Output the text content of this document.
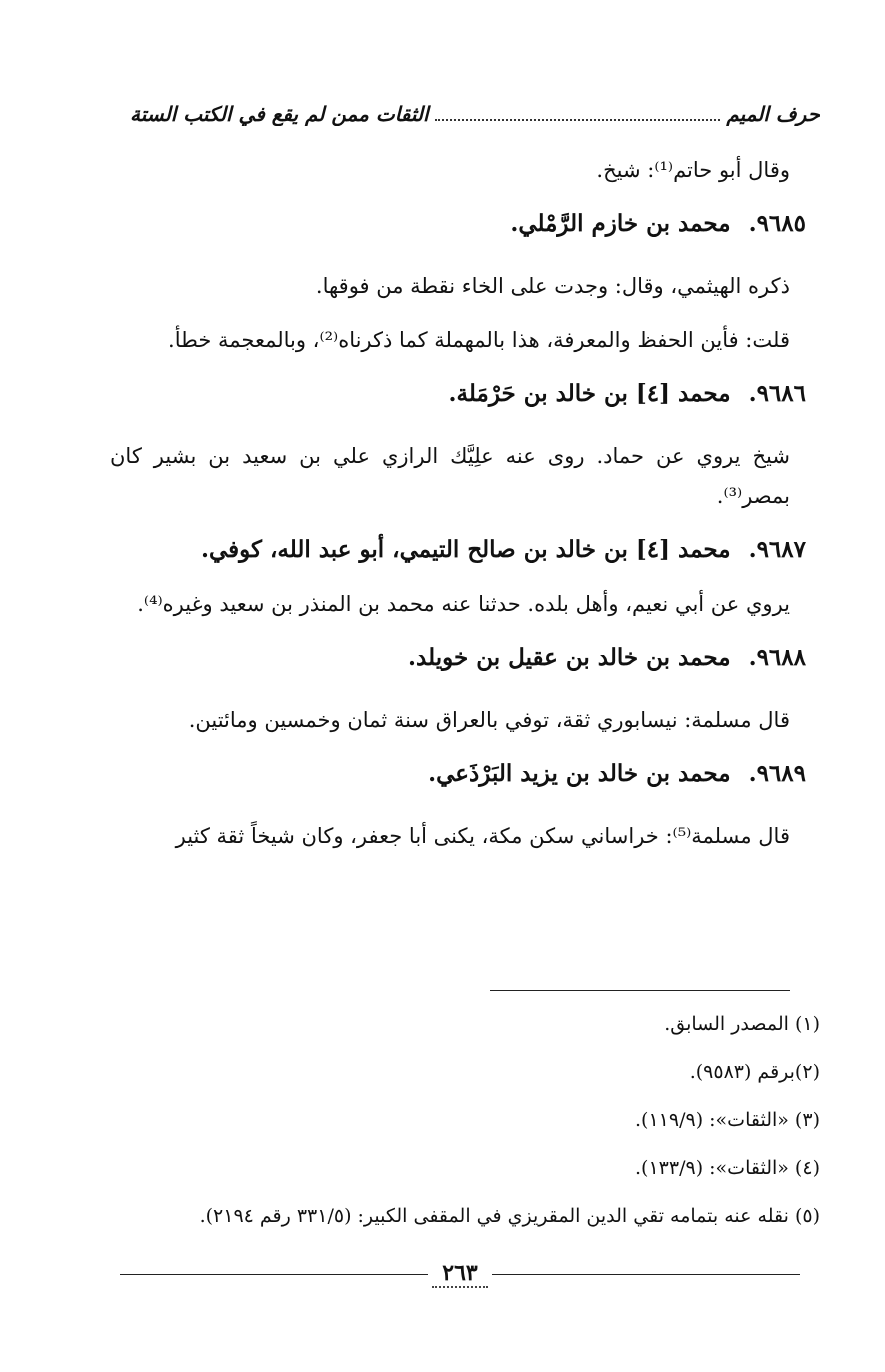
حرف الميم
الثقات ممن لم يقع في الكتب الستة

وقال أبو حاتم⁽¹⁾: شيخ.

٩٦٨٥.محمد بن خازم الرَّمْلي.

ذكره الهيثمي، وقال: وجدت على الخاء نقطة من فوقها.

قلت: فأين الحفظ والمعرفة، هذا بالمهملة كما ذكرناه⁽²⁾، وبالمعجمة خطأ.

٩٦٨٦.محمد [٤] بن خالد بن حَرْمَلة.

شيخ يروي عن حماد. روى عنه علِيَّك الرازي علي بن سعيد بن بشير كان بمصر⁽³⁾.

٩٦٨٧.محمد [٤] بن خالد بن صالح التيمي، أبو عبد الله، كوفي.

يروي عن أبي نعيم، وأهل بلده. حدثنا عنه محمد بن المنذر بن سعيد وغيره⁽⁴⁾.

٩٦٨٨.محمد بن خالد بن عقيل بن خويلد.

قال مسلمة: نيسابوري ثقة، توفي بالعراق سنة ثمان وخمسين ومائتين.

٩٦٨٩.محمد بن خالد بن يزيد البَرْذَعي.

قال مسلمة⁽⁵⁾: خراساني سكن مكة، يكنى أبا جعفر، وكان شيخاً ثقة كثير

(١) المصدر السابق.

(٢)برقم (٩٥٨٣).

(٣) «الثقات»: (١١٩/٩).

(٤) «الثقات»: (١٣٣/٩).

(٥) نقله عنه بتمامه تقي الدين المقريزي في المقفى الكبير: (٣٣١/٥ رقم ٢١٩٤).

٢٦٣
